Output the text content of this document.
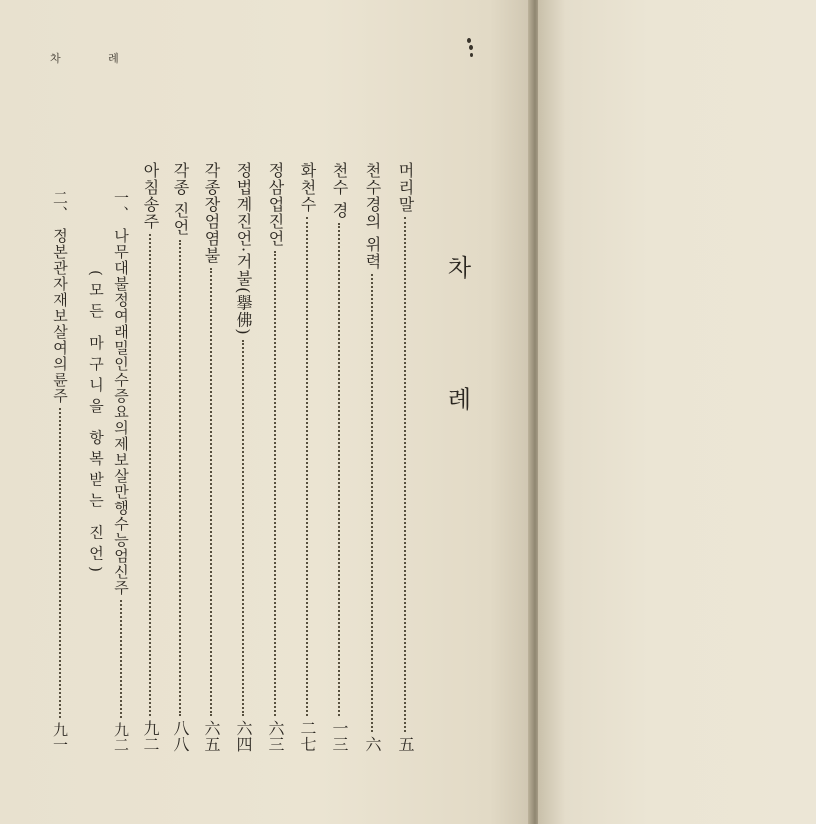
차 례
차 례
머리말
五
천수경의 위력
六
천수 경
一三
화천수
二七
정삼업진언
六三
정법계진언·거불(擧佛)
六四
각종장엄염불
六五
각종 진언
八八
아침송주
九二
一、 나무대불정여래밀인수증요의제보살만행수능엄신주
九二
(모든 마구니을 항복받는 진언)
二、 정본관자재보살여의륜주
九一
